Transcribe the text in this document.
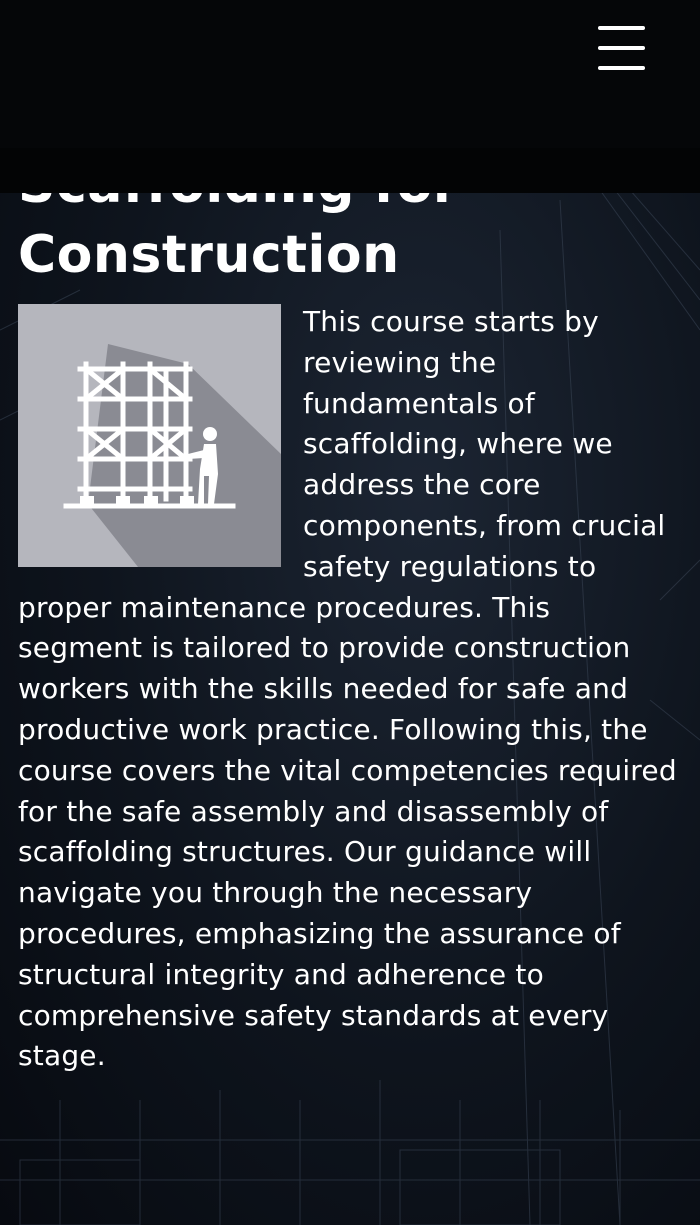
Construction
This course starts by reviewing the fundamentals of scaffolding, where we address the core components, from crucial safety regulations to proper maintenance procedures. This segment is tailored to provide construction workers with the skills needed for safe and productive work practice. Following this, the course covers the vital competencies required for the safe assembly and disassembly of scaffolding structures. Our guidance will navigate you through the necessary procedures, emphasizing the assurance of structural integrity and adherence to comprehensive safety standards at every stage.
